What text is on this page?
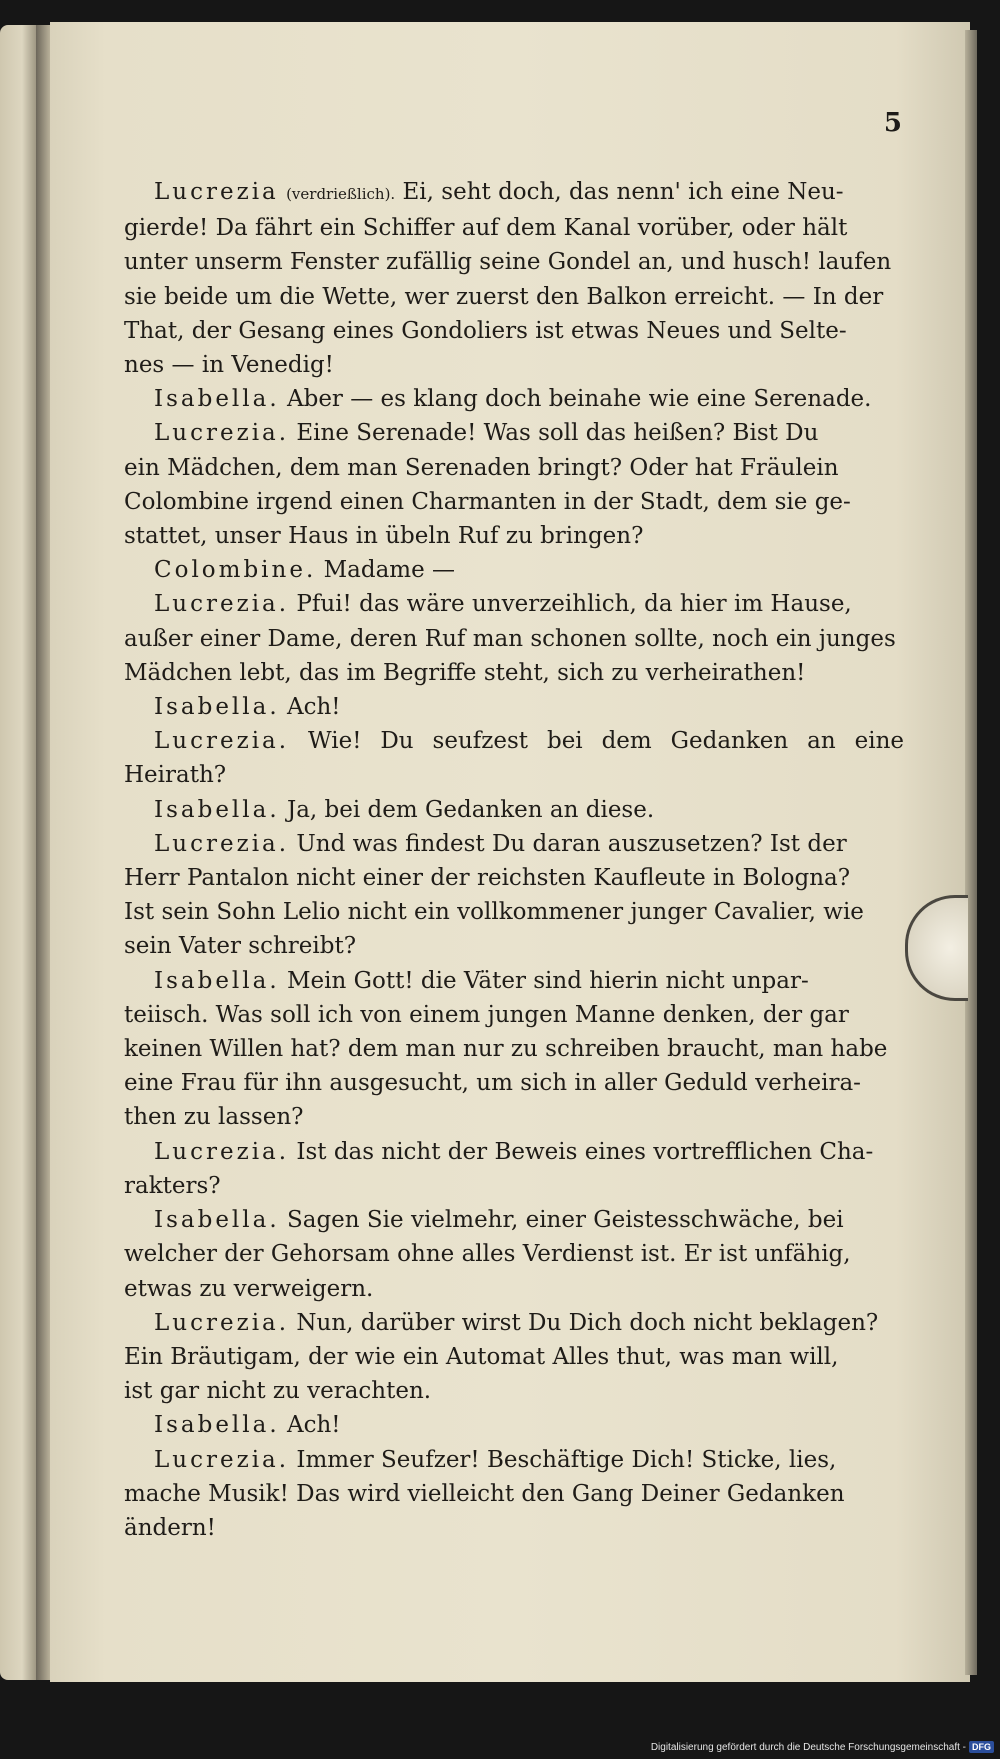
5
Lucrezia (verdrießlich). Ei, seht doch, das nenn' ich eine Neu-
gierde! Da fährt ein Schiffer auf dem Kanal vorüber, oder hält
unter unserm Fenster zufällig seine Gondel an, und husch! laufen
sie beide um die Wette, wer zuerst den Balkon erreicht. — In der
That, der Gesang eines Gondoliers ist etwas Neues und Selte-
nes — in Venedig!
Isabella. Aber — es klang doch beinahe wie eine Serenade.
Lucrezia. Eine Serenade! Was soll das heißen? Bist Du
ein Mädchen, dem man Serenaden bringt? Oder hat Fräulein
Colombine irgend einen Charmanten in der Stadt, dem sie ge-
stattet, unser Haus in übeln Ruf zu bringen?
Colombine. Madame —
Lucrezia. Pfui! das wäre unverzeihlich, da hier im Hause,
außer einer Dame, deren Ruf man schonen sollte, noch ein junges
Mädchen lebt, das im Begriffe steht, sich zu verheirathen!
Isabella. Ach!
Lucrezia. Wie! Du seufzest bei dem Gedanken an eine Heirath?
Isabella. Ja, bei dem Gedanken an diese.
Lucrezia. Und was findest Du daran auszusetzen? Ist der
Herr Pantalon nicht einer der reichsten Kaufleute in Bologna?
Ist sein Sohn Lelio nicht ein vollkommener junger Cavalier, wie
sein Vater schreibt?
Isabella. Mein Gott! die Väter sind hierin nicht unpar-
teiisch. Was soll ich von einem jungen Manne denken, der gar
keinen Willen hat? dem man nur zu schreiben braucht, man habe
eine Frau für ihn ausgesucht, um sich in aller Geduld verheira-
then zu lassen?
Lucrezia. Ist das nicht der Beweis eines vortrefflichen Cha-
rakters?
Isabella. Sagen Sie vielmehr, einer Geistesschwäche, bei
welcher der Gehorsam ohne alles Verdienst ist. Er ist unfähig,
etwas zu verweigern.
Lucrezia. Nun, darüber wirst Du Dich doch nicht beklagen?
Ein Bräutigam, der wie ein Automat Alles thut, was man will,
ist gar nicht zu verachten.
Isabella. Ach!
Lucrezia. Immer Seufzer! Beschäftige Dich! Sticke, lies,
mache Musik! Das wird vielleicht den Gang Deiner Gedanken
ändern!
Digitalisierung gefördert durch die Deutsche Forschungsgemeinschaft - DFG
